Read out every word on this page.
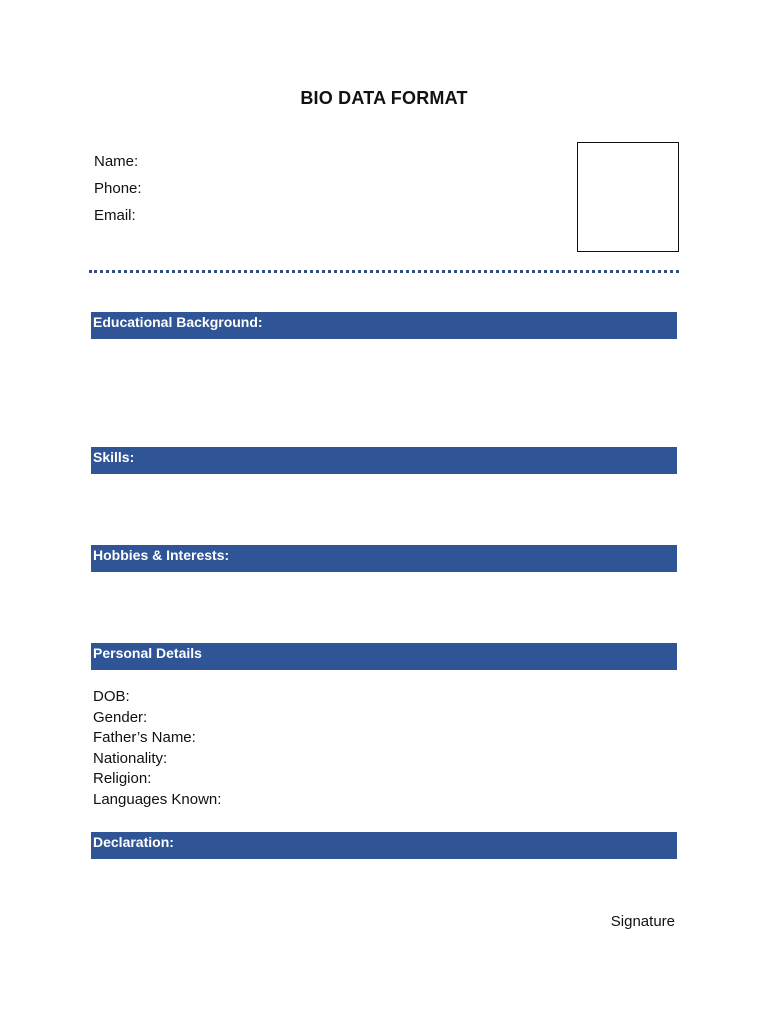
BIO DATA FORMAT
Name:
Phone:
Email:
Educational Background:
Skills:
Hobbies & Interests:
Personal Details
DOB:
Gender:
Father’s Name:
Nationality:
Religion:
Languages Known:
Declaration:
Signature
